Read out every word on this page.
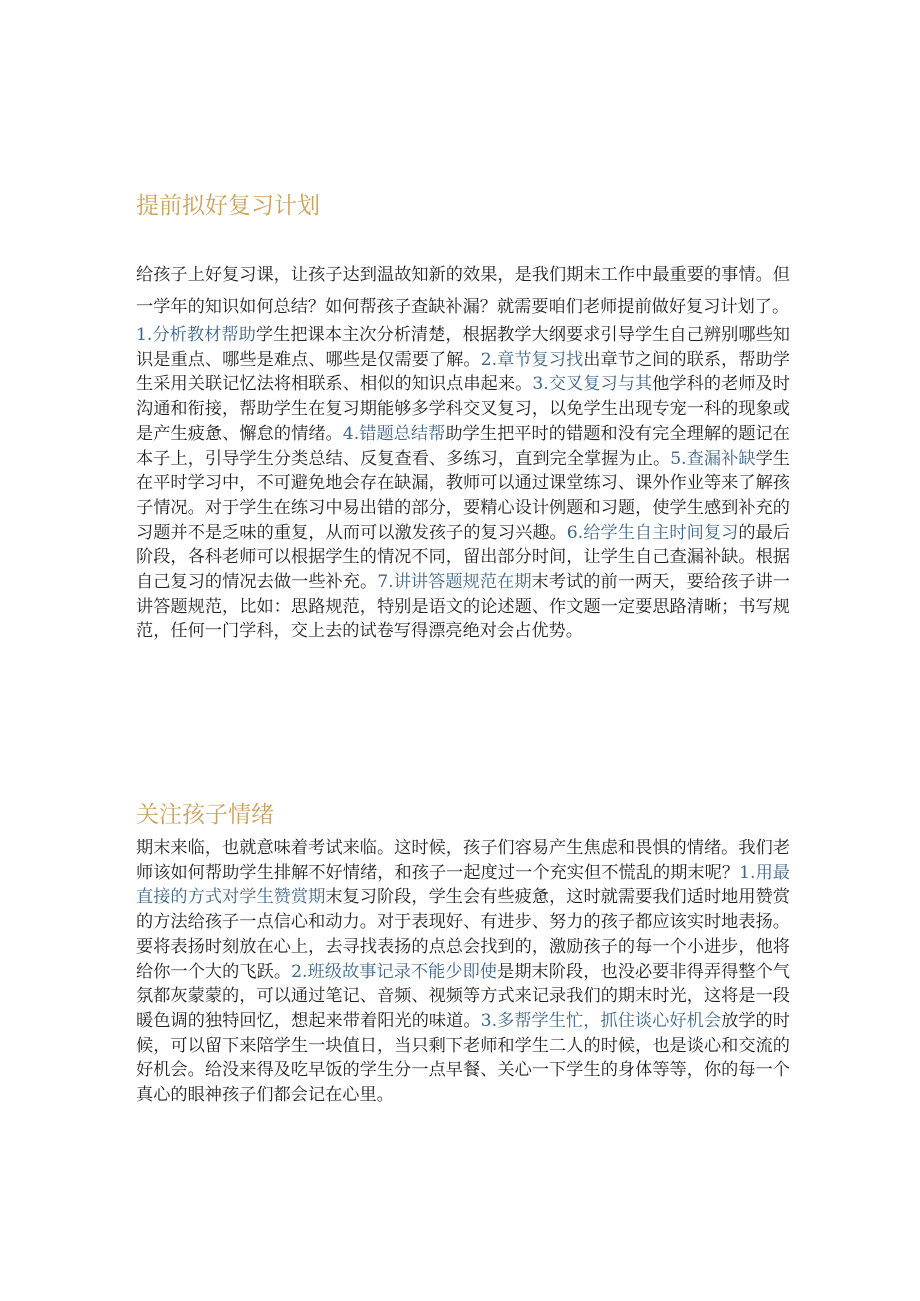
提前拟好复习计划

给孩子上好复习课，让孩子达到温故知新的效果，是我们期末工作中最重要的事情。但一学年的知识如何总结？如何帮孩子查缺补漏？就需要咱们老师提前做好复习计划了。

1.分析教材帮助学生把课本主次分析清楚，根据教学大纲要求引导学生自己辨别哪些知识是重点、哪些是难点、哪些是仅需要了解。2.章节复习找出章节之间的联系，帮助学生采用关联记忆法将相联系、相似的知识点串起来。3.交叉复习与其他学科的老师及时沟通和衔接，帮助学生在复习期能够多学科交叉复习，以免学生出现专宠一科的现象或是产生疲惫、懈怠的情绪。4.错题总结帮助学生把平时的错题和没有完全理解的题记在本子上，引导学生分类总结、反复查看、多练习，直到完全掌握为止。5.查漏补缺学生在平时学习中，不可避免地会存在缺漏，教师可以通过课堂练习、课外作业等来了解孩子情况。对于学生在练习中易出错的部分，要精心设计例题和习题，使学生感到补充的习题并不是乏味的重复，从而可以激发孩子的复习兴趣。6.给学生自主时间复习的最后阶段，各科老师可以根据学生的情况不同，留出部分时间，让学生自己查漏补缺。根据自己复习的情况去做一些补充。7.讲讲答题规范在期末考试的前一两天，要给孩子讲一讲答题规范，比如：思路规范，特别是语文的论述题、作文题一定要思路清晰；书写规范，任何一门学科，交上去的试卷写得漂亮绝对会占优势。

关注孩子情绪

期末来临，也就意味着考试来临。这时候，孩子们容易产生焦虑和畏惧的情绪。我们老师该如何帮助学生排解不好情绪，和孩子一起度过一个充实但不慌乱的期末呢？1.用最直接的方式对学生赞赏期末复习阶段，学生会有些疲惫，这时就需要我们适时地用赞赏的方法给孩子一点信心和动力。对于表现好、有进步、努力的孩子都应该实时地表扬。要将表扬时刻放在心上，去寻找表扬的点总会找到的，激励孩子的每一个小进步，他将给你一个大的飞跃。2.班级故事记录不能少即使是期末阶段，也没必要非得弄得整个气氛都灰蒙蒙的，可以通过笔记、音频、视频等方式来记录我们的期末时光，这将是一段暖色调的独特回忆，想起来带着阳光的味道。3.多帮学生忙，抓住谈心好机会放学的时候，可以留下来陪学生一块值日，当只剩下老师和学生二人的时候，也是谈心和交流的好机会。给没来得及吃早饭的学生分一点早餐、关心一下学生的身体等等，你的每一个真心的眼神孩子们都会记在心里。
